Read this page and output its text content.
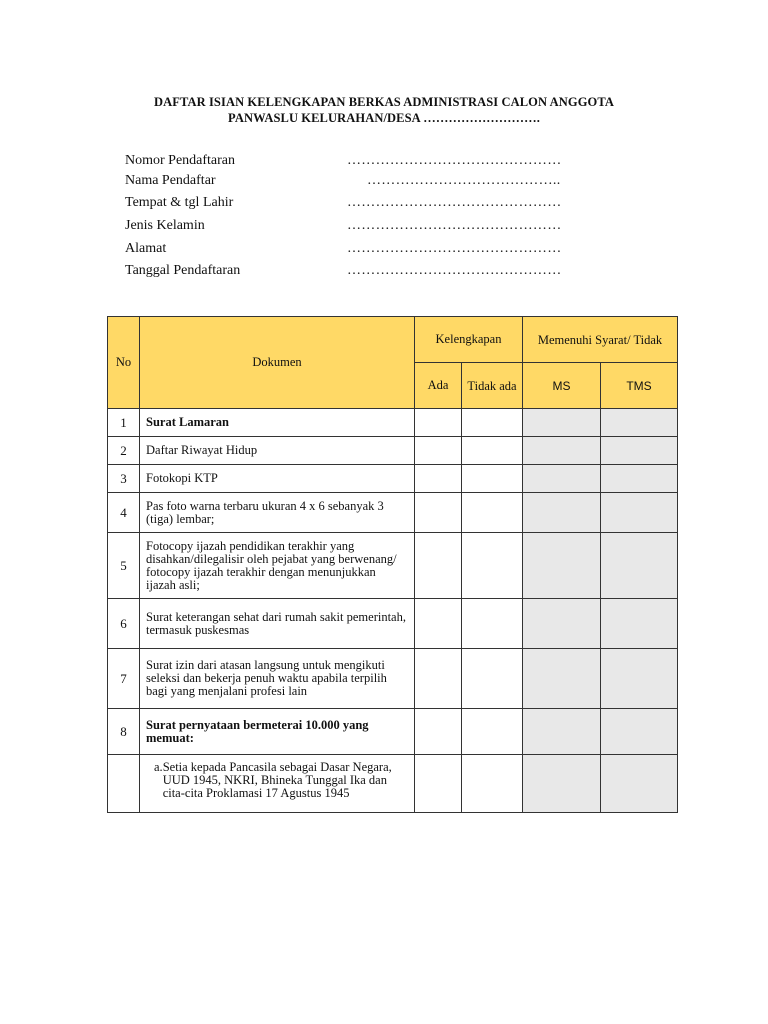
DAFTAR ISIAN KELENGKAPAN BERKAS ADMINISTRASI CALON ANGGOTA
PANWASLU KELURAHAN/DESA ……………………….
Nomor Pendaftaran	………………………………………
Nama Pendaftar	…………………………………..
Tempat & tgl Lahir	………………………………………
Jenis Kelamin	………………………………………
Alamat	………………………………………
Tanggal Pendaftaran	………………………………………
No	Dokumen	Kelengkapan		Memenuhi Syarat/ Tidak	
		Ada	Tidak ada	MS	TMS
1	Surat Lamaran				
2	Daftar Riwayat Hidup				
3	Fotokopi KTP				
4	Pas foto warna terbaru ukuran 4 x 6 sebanyak 3 (tiga) lembar;				
5	Fotocopy ijazah pendidikan terakhir yang disahkan/dilegalisir oleh pejabat yang berwenang/ fotocopy ijazah terakhir dengan menunjukkan ijazah asli;				
6	Surat keterangan sehat dari rumah sakit pemerintah, termasuk puskesmas				
7	Surat izin dari atasan langsung untuk mengikuti seleksi dan bekerja penuh waktu apabila terpilih bagi yang menjalani profesi lain				
8	Surat pernyataan bermeterai 10.000 yang memuat:				

	a. Setia kepada Pancasila sebagai Dasar Negara, UUD 1945, NKRI, Bhineka Tunggal Ika dan cita-cita Proklamasi 17 Agustus 1945				
